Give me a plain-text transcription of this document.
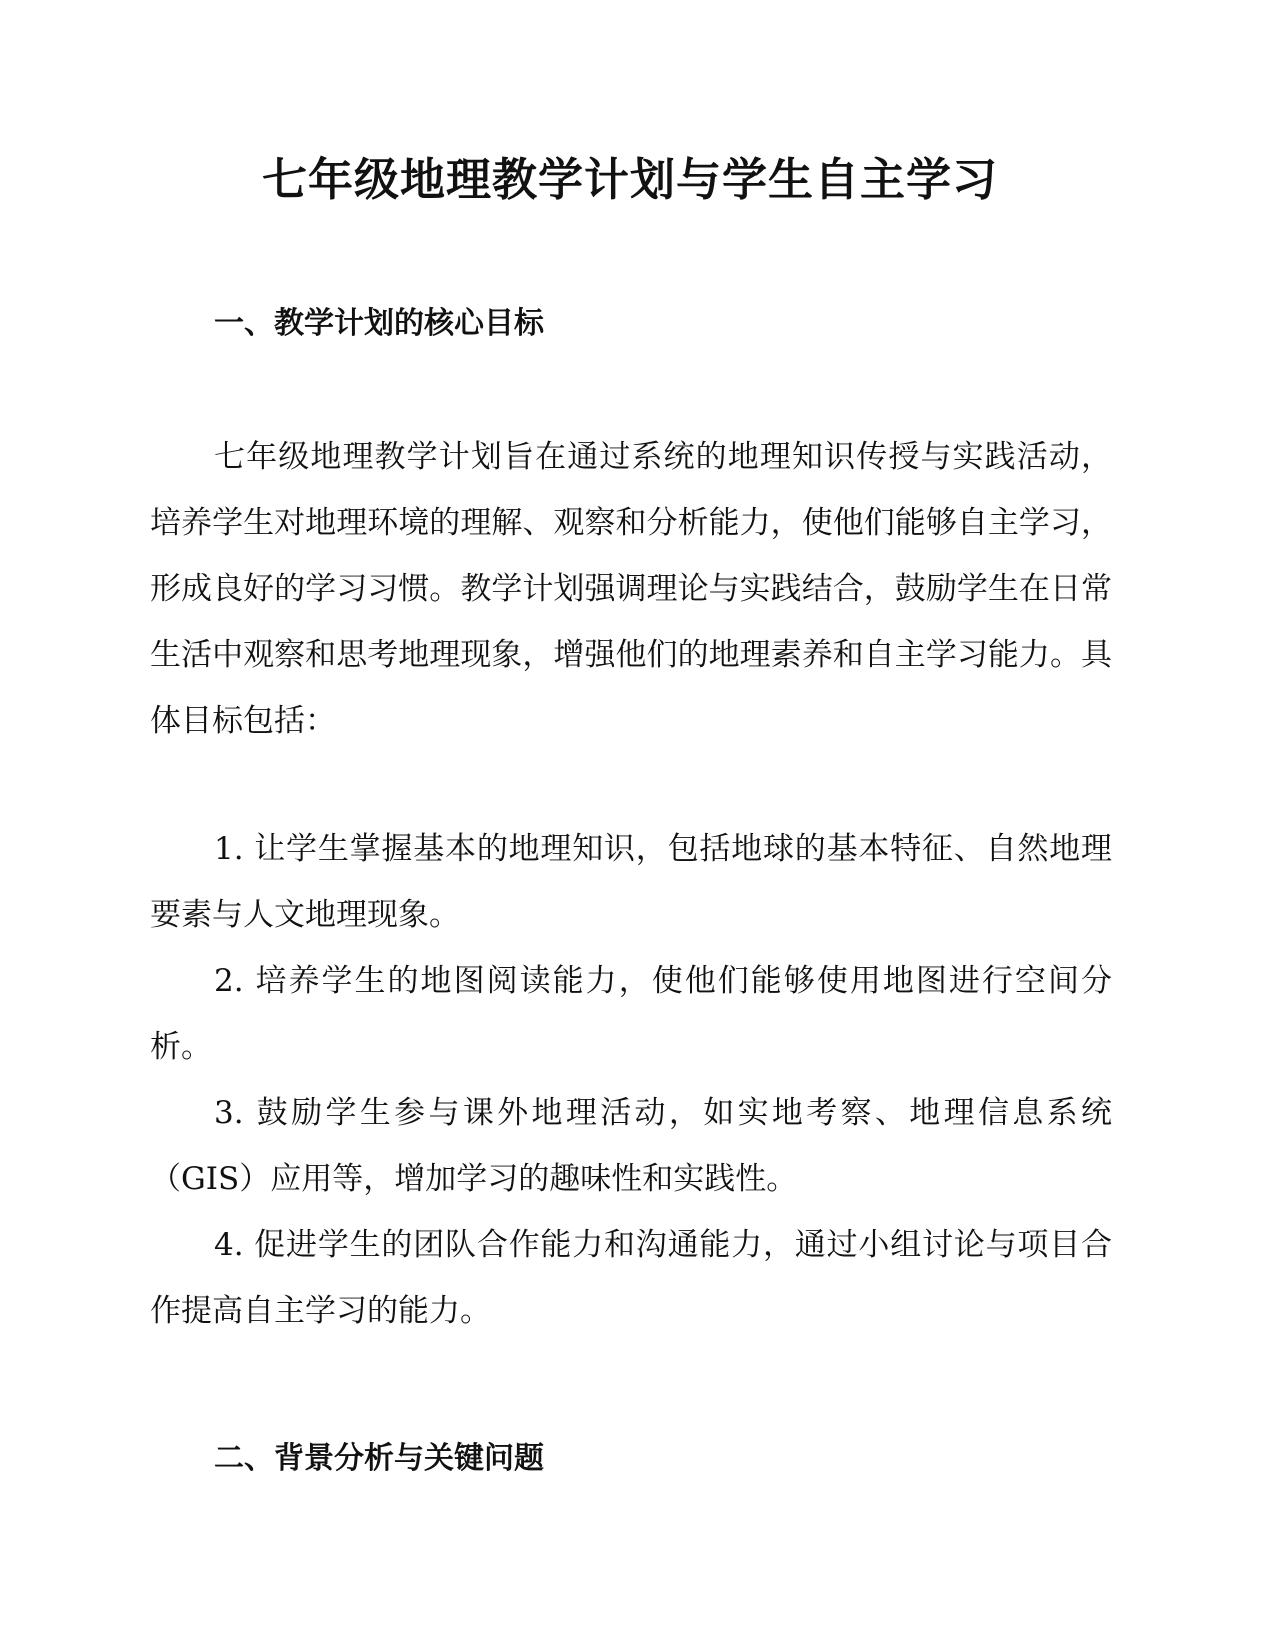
七年级地理教学计划与学生自主学习
一、教学计划的核心目标

七年级地理教学计划旨在通过系统的地理知识传授与实践活动，培养学生对地理环境的理解、观察和分析能力，使他们能够自主学习，形成良好的学习习惯。教学计划强调理论与实践结合，鼓励学生在日常生活中观察和思考地理现象，增强他们的地理素养和自主学习能力。具体目标包括：

1. 让学生掌握基本的地理知识，包括地球的基本特征、自然地理要素与人文地理现象。

2. 培养学生的地图阅读能力，使他们能够使用地图进行空间分析。

3. 鼓励学生参与课外地理活动，如实地考察、地理信息系统（GIS）应用等，增加学习的趣味性和实践性。

4. 促进学生的团队合作能力和沟通能力，通过小组讨论与项目合作提高自主学习的能力。

二、背景分析与关键问题
